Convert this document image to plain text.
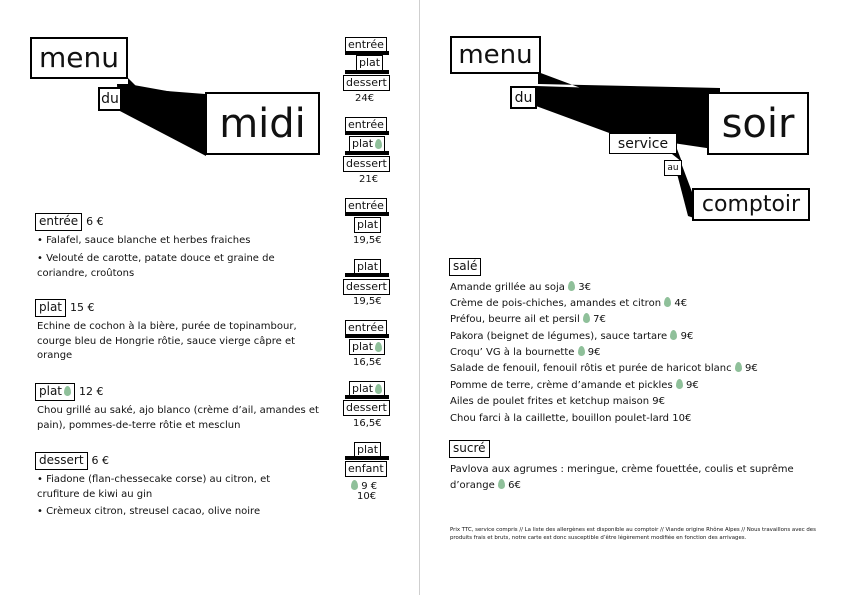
menu
du
midi
entrée
plat
dessert
24€
entrée
plat
dessert
21€
entrée
plat
19,5€
plat
dessert
19,5€
entrée
plat
16,5€
plat
dessert
16,5€
plat
enfant
9 €
10€
entrée 6 €
• Falafel, sauce blanche et herbes fraiches
• Velouté de carotte, patate douce et graine de coriandre, croûtons
plat 15 €
Echine de cochon à la bière, purée de topinambour, courge bleu de Hongrie rôtie, sauce vierge câpre et orange
plat	12 €
Chou grillé au saké, ajo blanco (crème d’ail, amandes et pain), pommes-de-terre rôtie et mesclun
dessert 6 €
• Fiadone (flan-chessecake corse) au citron, et crufiture de kiwi au gin
• Crèmeux citron, streusel cacao, olive noire
menu
du
soir
service
au
comptoir
salé
Amande grillée au soja 3€
Crème de pois-chiches, amandes et citron 4€
Préfou, beurre ail et persil 7€
Pakora (beignet de légumes), sauce tartare 9€
Croqu’ VG à la bournette 9€
Salade de fenouil, fenouil rôtis et purée de haricot blanc 9€
Pomme de terre, crème d’amande et pickles 9€
Ailes de poulet frites et ketchup maison 9€
Chou farci à la caillette, bouillon poulet-lard 10€
sucré
Pavlova aux agrumes : meringue, crème fouettée, coulis et suprême
d’orange 6€
Prix TTC, service compris // La liste des allergènes est disponible au comptoir // Viande origine Rhône Alpes // Nous travaillons avec des produits frais et bruts, notre carte est donc susceptible d’être légèrement modifiée en fonction des arrivages.
